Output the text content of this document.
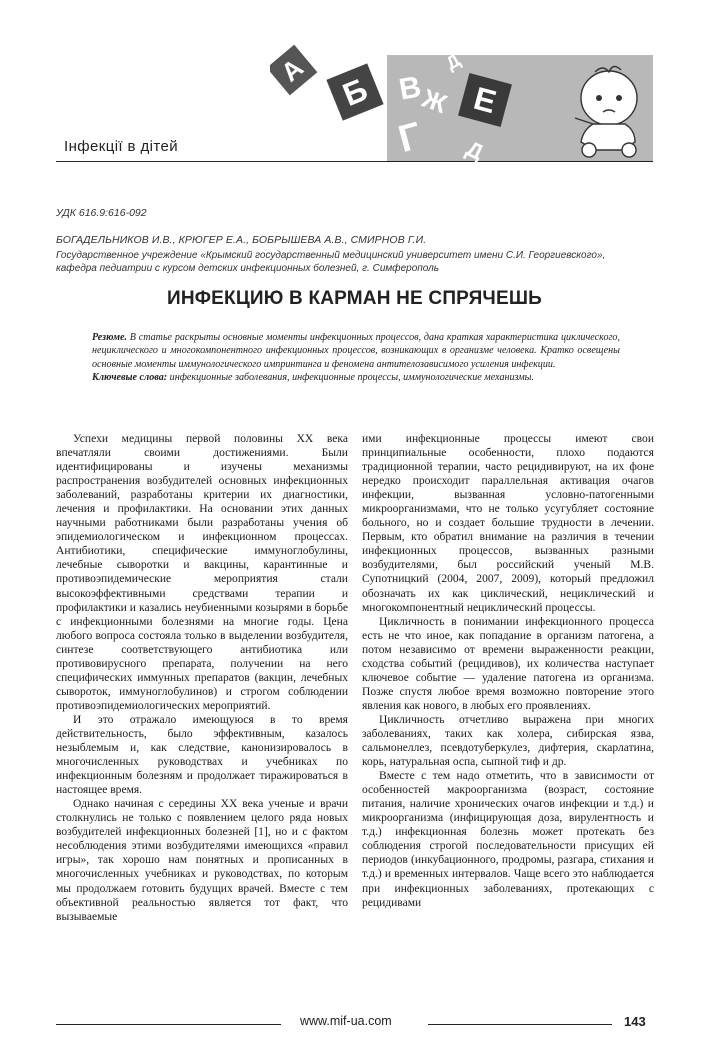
А
Б В
Ж Е
Г Д
Д
Інфекції в дітей
УДК 616.9:616-092
БОГАДЕЛЬНИКОВ И.В., КРЮГЕР Е.А., БОБРЫШЕВА А.В., СМИРНОВ Г.И.
Государственное учреждение «Крымский государственный медицинский университет имени С.И. Георгиевского»,
кафедра педиатрии с курсом детских инфекционных болезней, г. Симферополь
ИНФЕКЦИЮ В КАРМАН НЕ СПРЯЧЕШЬ

Резюме. В статье раскрыты основные моменты инфекционных процессов, дана краткая характеристика циклического, нециклического и многокомпонентного инфекционных процессов, возникающих в организме человека. Кратко освещены основные моменты иммунологического импринтинга и феномена антителозависимого усиления инфекции.

Ключевые слова: инфекционные заболевания, инфекционные процессы, иммунологические механизмы.

Успехи медицины первой половины ХХ века впечатляли своими достижениями. Были идентифицированы и изучены механизмы распространения возбудителей основных инфекционных заболеваний, разработаны критерии их диагностики, лечения и профилактики. На основании этих данных научными работниками были разработаны учения об эпидемиологическом и инфекционном процессах. Антибиотики, специфические иммуноглобулины, лечебные сыворотки и вакцины, карантинные и противоэпидемические мероприятия стали высокоэффективными средствами терапии и профилактики и казались неубиенными козырями в борьбе с инфекционными болезнями на многие годы. Цена любого вопроса состояла только в выделении возбудителя, синтезе соответствующего антибиотика или противовирусного препарата, получении на него специфических иммунных препаратов (вакцин, лечебных сывороток, иммуноглобулинов) и строгом соблюдении противоэпидемиологических мероприятий.

И это отражало имеющуюся в то время действительность, было эффективным, казалось незыблемым и, как следствие, канонизировалось в многочисленных руководствах и учебниках по инфекционным болезням и продолжает тиражироваться в настоящее время.

Однако начиная с середины ХХ века ученые и врачи столкнулись не только с появлением целого ряда новых возбудителей инфекционных болезней [1], но и с фактом несоблюдения этими возбудителями имеющихся «правил игры», так хорошо нам понятных и прописанных в многочисленных учебниках и руководствах, по которым мы продолжаем готовить будущих врачей. Вместе с тем объективной реальностью является тот факт, что вызываемые

ими инфекционные процессы имеют свои принципиальные особенности, плохо подаются традиционной терапии, часто рецидивируют, на их фоне нередко происходит параллельная активация очагов инфекции, вызванная условно-патогенными микроорганизмами, что не только усугубляет состояние больного, но и создает большие трудности в лечении. Первым, кто обратил внимание на различия в течении инфекционных процессов, вызванных разными возбудителями, был российский ученый М.В. Супотницкий (2004, 2007, 2009), который предложил обозначать их как циклический, нециклический и многокомпонентный нециклический процессы.

Цикличность в понимании инфекционного процесса есть не что иное, как попадание в организм патогена, а потом независимо от времени выраженности реакции, сходства событий (рецидивов), их количества наступает ключевое событие — удаление патогена из организма. Позже спустя любое время возможно повторение этого явления как нового, в любых его проявлениях.

Цикличность отчетливо выражена при многих заболеваниях, таких как холера, сибирская язва, сальмонеллез, псевдотуберкулез, дифтерия, скарлатина, корь, натуральная оспа, сыпной тиф и др.

Вместе с тем надо отметить, что в зависимости от особенностей макроорганизма (возраст, состояние питания, наличие хронических очагов инфекции и т.д.) и микроорганизма (инфицирующая доза, вирулентность и т.д.) инфекционная болезнь может протекать без соблюдения строгой последовательности присущих ей периодов (инкубационного, продромы, разгара, стихания и т.д.) и временных интервалов. Чаще всего это наблюдается при инфекционных заболеваниях, протекающих с рецидивами

www.mif-ua.com	143
